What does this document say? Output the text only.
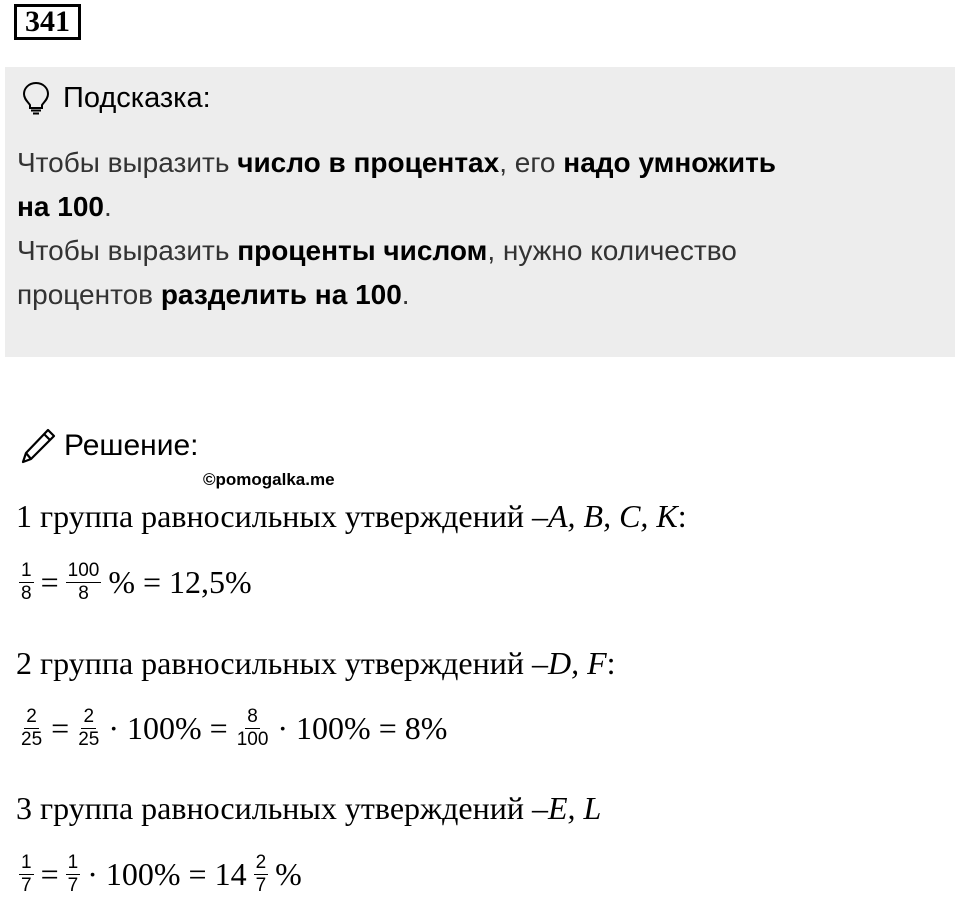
341
Подсказка:
Чтобы выразить число в процентах, его надо умножить
на 100.
Чтобы выразить проценты числом, нужно количество
процентов разделить на 100.
Решение:
©pomogalka.me
1 группа равносильных утверждений – A, B, C, K :
$\frac{1}{8} = \frac{100}{8}$ % = 12,5%
2 группа равносильных утверждений – D, F :
$\frac{2}{25} = \frac{2}{25} \cdot 100\% = \frac{8}{100} \cdot 100\% = 8\%$
3 группа равносильных утверждений – E, L
$\frac{1}{7} = \frac{1}{7} \cdot 100\% = 14 \frac{2}{7}$ %
